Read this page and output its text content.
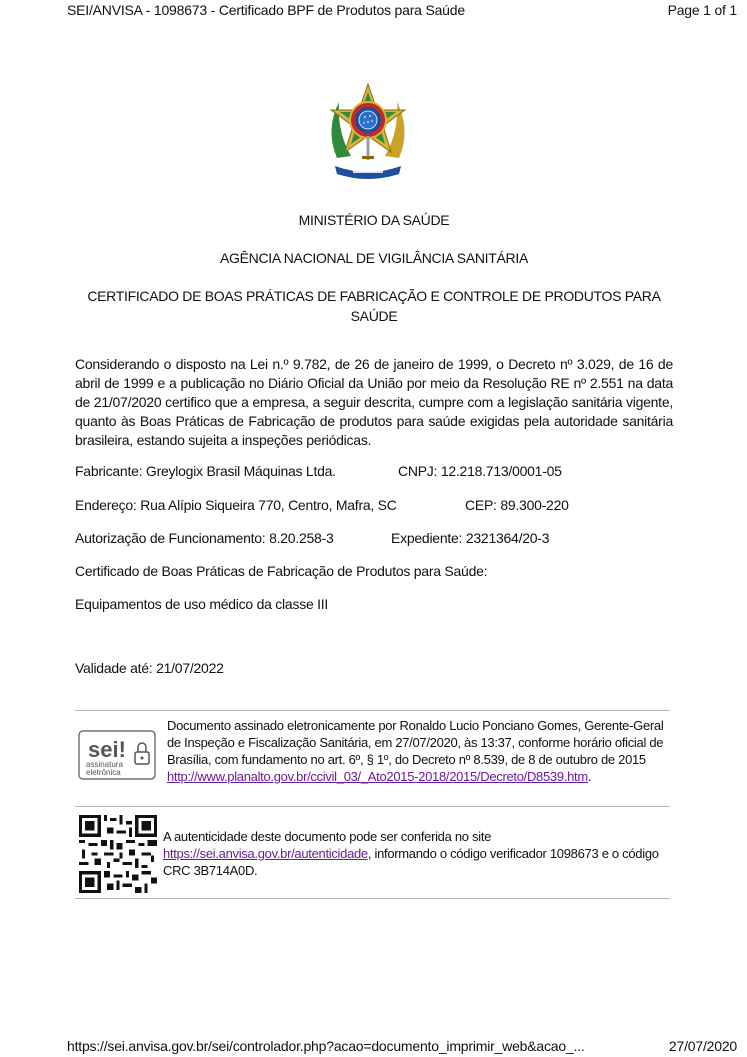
SEI/ANVISA - 1098673 - Certificado BPF de Produtos para Saúde	Page 1 of 1
MINISTÉRIO DA SAÚDE
AGÊNCIA NACIONAL DE VIGILÂNCIA SANITÁRIA
CERTIFICADO DE BOAS PRÁTICAS DE FABRICAÇÃO E CONTROLE DE PRODUTOS PARA SAÚDE
Considerando o disposto na Lei n.º 9.782, de 26 de janeiro de 1999, o Decreto nº 3.029, de 16 de abril de 1999 e a publicação no Diário Oficial da União por meio da Resolução RE nº 2.551 na data de 21/07/2020 certifico que a empresa, a seguir descrita, cumpre com a legislação sanitária vigente, quanto às Boas Práticas de Fabricação de produtos para saúde exigidas pela autoridade sanitária brasileira, estando sujeita a inspeções periódicas.
Fabricante: Greylogix Brasil Máquinas Ltda.	CNPJ: 12.218.713/0001-05
Endereço: Rua Alípio Siqueira 770, Centro, Mafra, SC	CEP: 89.300-220
Autorização de Funcionamento: 8.20.258-3	Expediente: 2321364/20-3
Certificado de Boas Práticas de Fabricação de Produtos para Saúde:
Equipamentos de uso médico da classe III
Validade até: 21/07/2022
sei!
assinatura
eletrônica
Documento assinado eletronicamente por Ronaldo Lucio Ponciano Gomes, Gerente-Geral de Inspeção e Fiscalização Sanitária, em 27/07/2020, às 13:37, conforme horário oficial de Brasília, com fundamento no art. 6º, § 1º, do Decreto nº 8.539, de 8 de outubro de 2015 http://www.planalto.gov.br/ccivil_03/_Ato2015-2018/2015/Decreto/D8539.htm.
A autenticidade deste documento pode ser conferida no site https://sei.anvisa.gov.br/autenticidade, informando o código verificador 1098673 e o código CRC 3B714A0D.
https://sei.anvisa.gov.br/sei/controlador.php?acao=documento_imprimir_web&acao_...	27/07/2020
